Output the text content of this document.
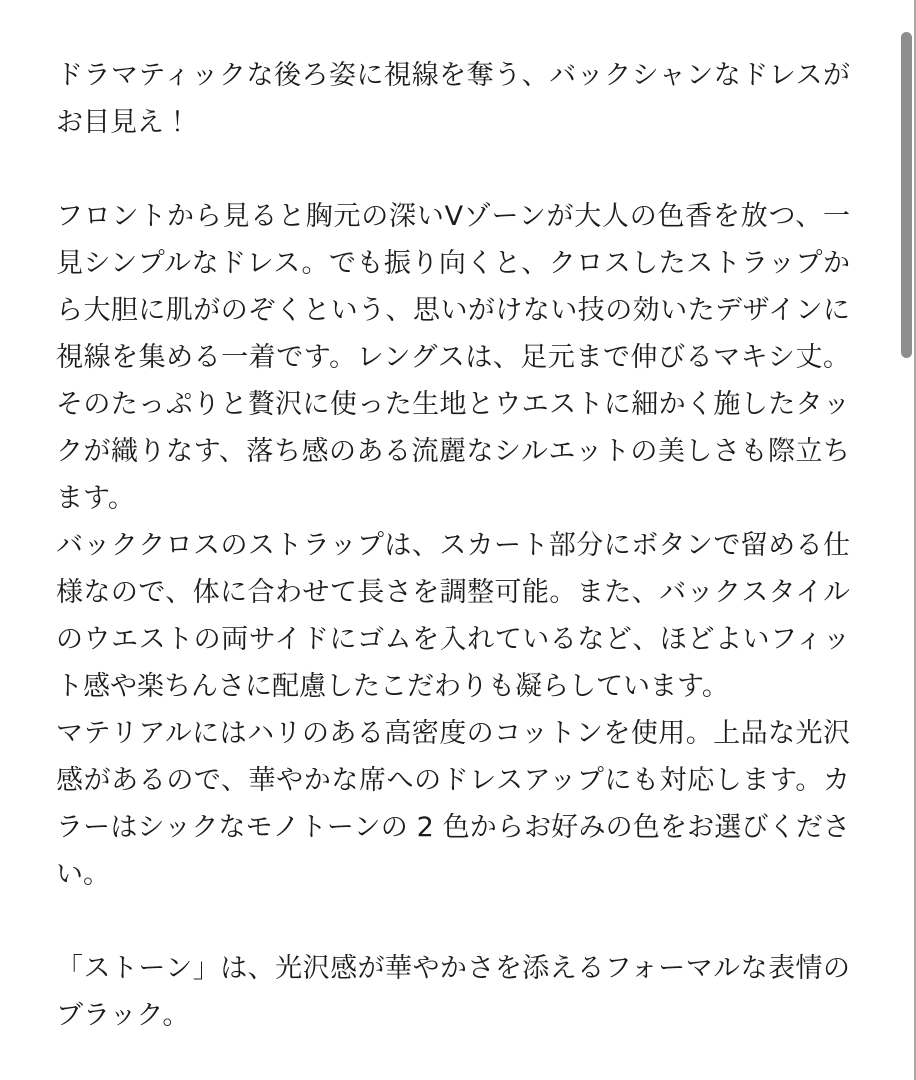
ドラマティックな後ろ姿に視線を奪う、バックシャンなドレスが
お目見え！
フロントから見ると胸元の深いVゾーンが大人の色香を放つ、一
見シンプルなドレス。でも振り向くと、クロスしたストラップか
ら大胆に肌がのぞくという、思いがけない技の効いたデザインに
視線を集める一着です。レングスは、足元まで伸びるマキシ丈。
そのたっぷりと贅沢に使った生地とウエストに細かく施したタッ
クが織りなす、落ち感のある流麗なシルエットの美しさも際立ち
ます。
バッククロスのストラップは、スカート部分にボタンで留める仕
様なので、体に合わせて長さを調整可能。また、バックスタイル
のウエストの両サイドにゴムを入れているなど、ほどよいフィッ
ト感や楽ちんさに配慮したこだわりも凝らしています。
マテリアルにはハリのある高密度のコットンを使用。上品な光沢
感があるので、華やかな席へのドレスアップにも対応します。カ
ラーはシックなモノトーンの 2 色からお好みの色をお選びくださ
い。
「ストーン」は、光沢感が華やかさを添えるフォーマルな表情の
ブラック。
